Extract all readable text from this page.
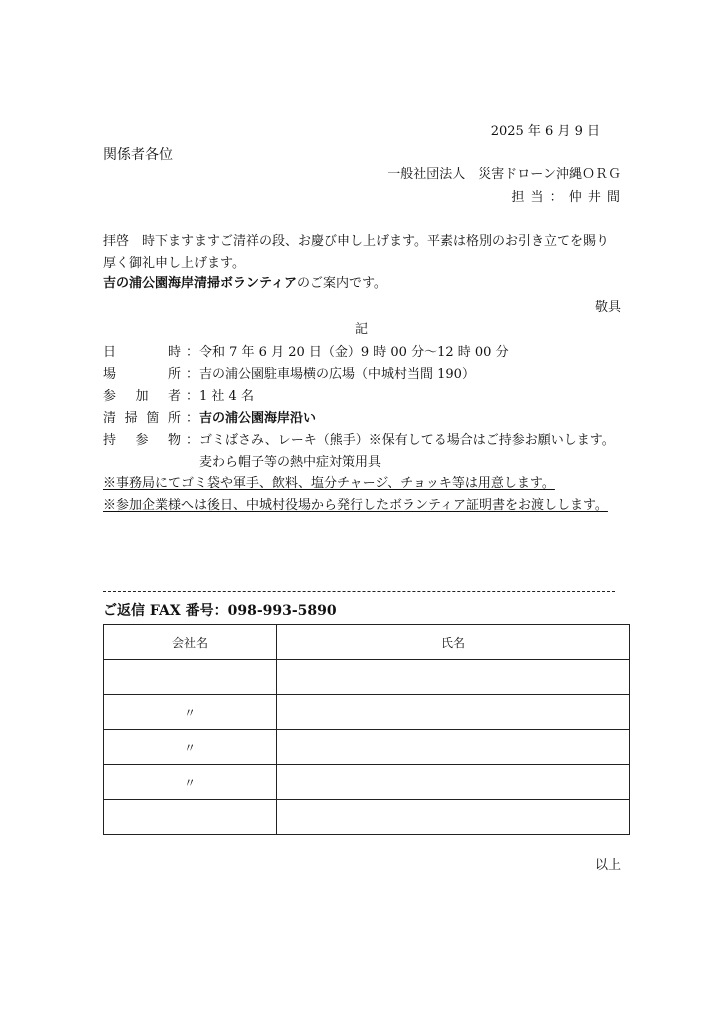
2025 年 6 月 9 日
関係者各位
一般社団法人　災害ドローン沖縄ＯＲＧ
担 当 ： 仲 井 間
拝啓　時下ますますご清祥の段、お慶び申し上げます。平素は格別のお引き立てを賜り
厚く御礼申し上げます。
吉の浦公園海岸清掃ボランティアのご案内です。
敬具
記
日	時 ： 令和 7 年 6 月 20 日（金）9 時 00 分～12 時 00 分
場	所 ： 吉の浦公園駐車場横の広場（中城村当間 190）
参 加 者 ： 1 社 4 名
清 掃 箇 所 ： 吉の浦公園海岸沿い
持 参 物 ： ゴミばさみ、レーキ（熊手）※保有してる場合はご持参お願いします。
麦わら帽子等の熱中症対策用具
※事務局にてゴミ袋や軍手、飲料、塩分チャージ、チョッキ等は用意します。
※参加企業様へは後日、中城村役場から発行したボランティア証明書をお渡しします。
ご返信 FAX 番号：098-993-5890
会社名	氏名

〃	
〃	
〃	

以上
